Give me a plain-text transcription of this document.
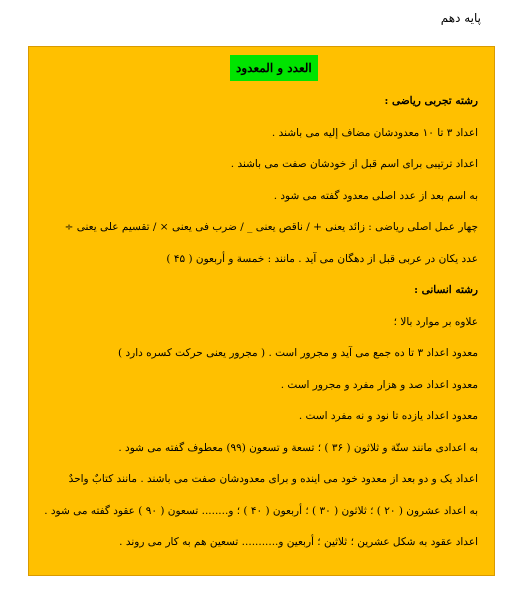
پایه دهم
العدد و المعدود
رشته تجربی ریاضی :
اعداد ۳ تا ۱۰ معدودشان مضاف إلیه می باشند .
اعداد ترتیبی برای اسم قبل از خودشان صفت می باشند .
به اسم بعد از عدد اصلی معدود گفته می شود .
چهار عمل اصلی ریاضی : زائد یعنی + / ناقص یعنی _ / ضرب فی یعنی × / تقسیم علی یعنی ÷
عدد یکان در عربی قبل از دهگان می آید . مانند : خمسة و أربعون ( ۴۵ )
رشته انسانی :
علاوه بر موارد بالا ؛
معدود اعداد ۳ تا ده جمع می آید و مجرور است . ( مجرور یعنی حرکت کسره دارد )
معدود اعداد صد و هزار مفرد و مجرور است .
معدود اعداد یازده تا نود و نه مفرد است .
به اعدادی مانند ستّة و ثلاثون ( ۳۶ ) ؛ تسعة و تسعون (۹۹) معطوف گفته می شود .
اعداد یک و دو بعد از معدود خود می اینده و برای معدودشان صفت می باشند . مانند کتابٌ واحدٌ
به اعداد عشرون ( ۲۰ ) ؛ ثلاثون ( ۳۰ ) ؛ أربعون ( ۴۰ ) ؛ و........ تسعون ( ۹۰ ) عقود گفته می شود .
اعداد عقود به شکل عشرین ؛ ثلاثین ؛ أربعین و........... تسعین هم به کار می روند .
